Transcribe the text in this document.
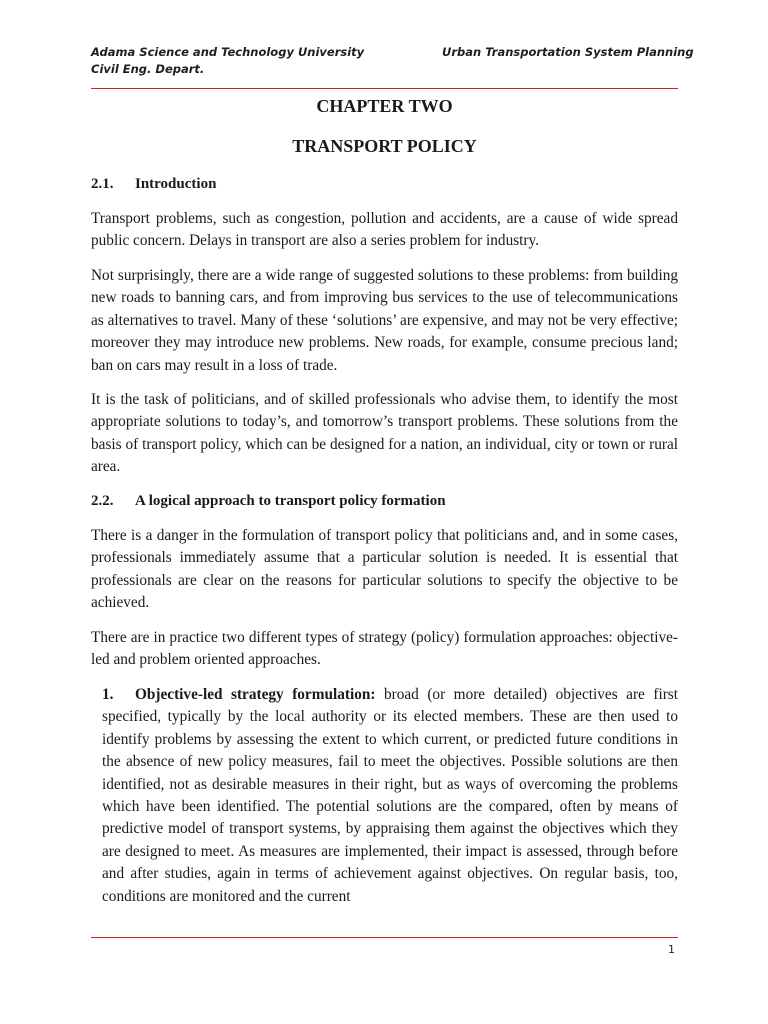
Adama Science and Technology University
Civil Eng. Depart.
Urban Transportation System Planning
CHAPTER TWO
TRANSPORT POLICY
2.1. Introduction

Transport problems, such as congestion, pollution and accidents, are a cause of wide spread public concern. Delays in transport are also a series problem for industry.

Not surprisingly, there are a wide range of suggested solutions to these problems: from building new roads to banning cars, and from improving bus services to the use of telecommunications as alternatives to travel. Many of these ‘solutions’ are expensive, and may not be very effective; moreover they may introduce new problems. New roads, for example, consume precious land; ban on cars may result in a loss of trade.

It is the task of politicians, and of skilled professionals who advise them, to identify the most appropriate solutions to today’s, and tomorrow’s transport problems. These solutions from the basis of transport policy, which can be designed for a nation, an individual, city or town or rural area.

2.2. A logical approach to transport policy formation

There is a danger in the formulation of transport policy that politicians and, and in some cases, professionals immediately assume that a particular solution is needed. It is essential that professionals are clear on the reasons for particular solutions to specify the objective to be achieved.

There are in practice two different types of strategy (policy) formulation approaches: objective-led and problem oriented approaches.

1. Objective-led strategy formulation: broad (or more detailed) objectives are first specified, typically by the local authority or its elected members. These are then used to identify problems by assessing the extent to which current, or predicted future conditions in the absence of new policy measures, fail to meet the objectives. Possible solutions are then identified, not as desirable measures in their right, but as ways of overcoming the problems which have been identified. The potential solutions are the compared, often by means of predictive model of transport systems, by appraising them against the objectives which they are designed to meet. As measures are implemented, their impact is assessed, through before and after studies, again in terms of achievement against objectives. On regular basis, too, conditions are monitored and the current

1
